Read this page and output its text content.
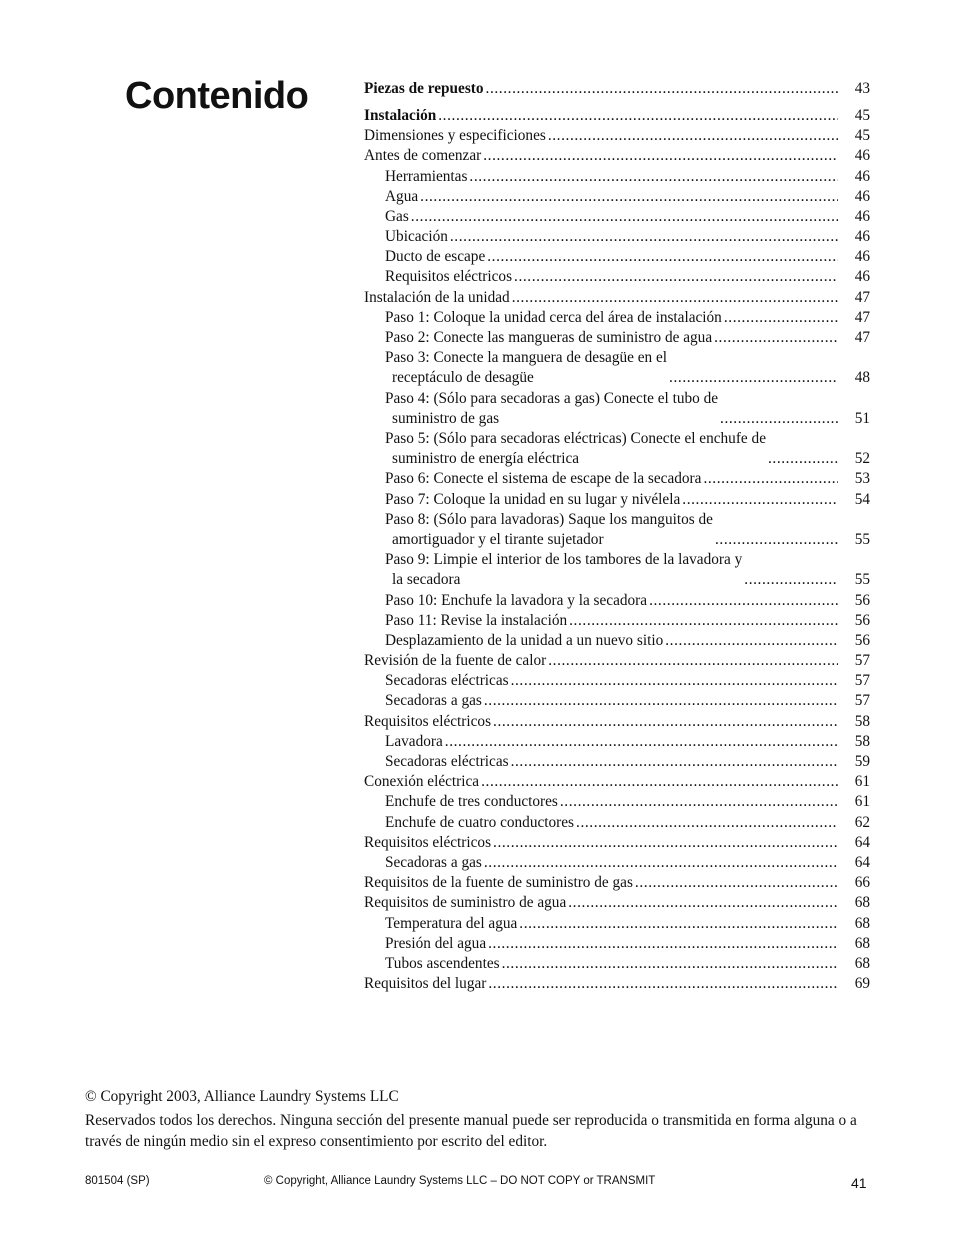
Contenido	Piezas de repuesto .....	43
Instalación .....	45
Dimensiones y especificiones .....	45
Antes de comenzar .....	46
Herramientas .....	46
Agua .....	46
Gas .....	46
Ubicación .....	46
Ducto de escape .....	46
Requisitos eléctricos .....	46
Instalación de la unidad .....	47
Paso 1: Coloque la unidad cerca del área de instalación .....	47
Paso 2: Conecte las mangueras de suministro de agua .....	47
Paso 3: Conecte la manguera de desagüe en el
receptáculo de desagüe .....	48
Paso 4: (Sólo para secadoras a gas) Conecte el tubo de
suministro de gas .....	51
Paso 5: (Sólo para secadoras eléctricas) Conecte el enchufe de
suministro de energía eléctrica .....	52
Paso 6: Conecte el sistema de escape de la secadora .....	53
Paso 7: Coloque la unidad en su lugar y nivélela .....	54
Paso 8: (Sólo para lavadoras) Saque los manguitos de
amortiguador y el tirante sujetador .....	55
Paso 9: Limpie el interior de los tambores de la lavadora y
la secadora .....	55
Paso 10: Enchufe la lavadora y la secadora .....	56
Paso 11: Revise la instalación .....	56
Desplazamiento de la unidad a un nuevo sitio .....	56
Revisión de la fuente de calor .....	57
Secadoras eléctricas .....	57
Secadoras a gas .....	57
Requisitos eléctricos .....	58
Lavadora .....	58
Secadoras eléctricas .....	59
Conexión eléctrica .....	61
Enchufe de tres conductores .....	61
Enchufe de cuatro conductores .....	62
Requisitos eléctricos .....	64
Secadoras a gas .....	64
Requisitos de la fuente de suministro de gas .....	66
Requisitos de suministro de agua .....	68
Temperatura del agua .....	68
Presión del agua .....	68
Tubos ascendentes .....	68
Requisitos del lugar .....	69
© Copyright 2003, Alliance Laundry Systems LLC
Reservados todos los derechos. Ninguna sección del presente manual puede ser reproducida o transmitida en forma alguna o a través de ningún medio sin el expreso consentimiento por escrito del editor.
801504 (SP)	© Copyright, Alliance Laundry Systems LLC – DO NOT COPY or TRANSMIT	41
